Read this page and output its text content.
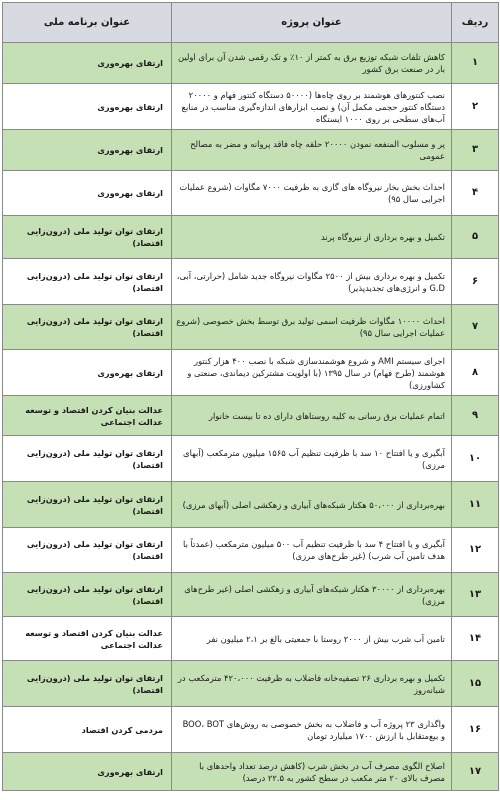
ردیف	عنوان پروژه	عنوان برنامه ملی
۱	کاهش تلفات شبکه توزیع برق به کمتر از ۱۰٪ و تک رقمی شدن آن برای اولین بار در صنعت برق کشور	ارتقای بهره‌وری
۲	نصب کنتورهای هوشمند بر روی چاه‌ها (۵۰۰۰۰ دستگاه کنتور فهام و ۲۰۰۰۰ دستگاه کنتور حجمی مکمل آن) و نصب ابزارهای اندازه‌گیری مناسب در منابع آب‌های سطحی بر روی ۱۰۰۰ ایستگاه	ارتقای بهره‌وری
۳	پر و مسلوب المنفعه نمودن ۲۰۰۰۰ حلقه چاه فاقد پروانه و مضر به مصالح عمومی	ارتقای بهره‌وری
۴	احداث بخش بخار نیروگاه های گازی به ظرفیت ۷۰۰۰ مگاوات (شروع عملیات اجرایی سال ۹۵)	ارتقای بهره‌وری
۵	تکمیل و بهره برداری از نیروگاه پرند	ارتقای توان تولید ملی (درون‌زایی اقتصاد)
۶	تکمیل و بهره برداری بیش از ۲۵۰۰ مگاوات نیروگاه جدید شامل (حرارتی، آبی، G.D و انرژی‌های تجدیدپذیر)	ارتقای توان تولید ملی (درون‌زایی اقتصاد)
۷	احداث ۱۰۰۰۰ مگاوات ظرفیت اسمی تولید برق توسط بخش خصوصی (شروع عملیات اجرایی سال ۹۵)	ارتقای توان تولید ملی (درون‌زایی اقتصاد)
۸	اجرای سیستم AMI و شروع هوشمندسازی شبکه با نصب ۴۰۰ هزار کنتور هوشمند (طرح فهام) در سال ۱۳۹۵ (با اولویت مشترکین دیماندی، صنعتی و کشاورزی)	ارتقای بهره‌وری
۹	اتمام عملیات برق رسانی به کلیه روستاهای دارای ده تا بیست خانوار	عدالت بنیان کردن اقتصاد و توسعه عدالت اجتماعی
۱۰	آبگیری و یا افتتاح ۱۰ سد با ظرفیت تنظیم آب ۱۵۶۵ میلیون مترمکعب (آبهای مرزی)	ارتقای توان تولید ملی (درون‌زایی اقتصاد)
۱۱	بهره‌برداری از ۵۰،۰۰۰ هکتار شبکه‌های آبیاری و زهکشی اصلی (آبهای مرزی)	ارتقای توان تولید ملی (درون‌زایی اقتصاد)
۱۲	آبگیری و یا افتتاح ۴ سد با ظرفیت تنظیم آب ۵۰۰ میلیون مترمکعب (عمدتاً با هدف تامین آب شرب) (غیر طرح‌های مرزی)	ارتقای توان تولید ملی (درون‌زایی اقتصاد)
۱۳	بهره‌برداری از ۳۰۰۰۰ هکتار شبکه‌های آبیاری و زهکشی اصلی (غیر طرح‌های مرزی)	ارتقای توان تولید ملی (درون‌زایی اقتصاد)
۱۴	تامین آب شرب بیش از ۲۰۰۰ روستا با جمعیتی بالغ بر ۲،۱ میلیون نفر	عدالت بنیان کردن اقتصاد و توسعه عدالت اجتماعی
۱۵	تکمیل و بهره برداری ۲۶ تصفیه‌خانه فاضلاب به ظرفیت ۴۲۰،۰۰۰ مترمکعب در شبانه‌روز	ارتقای توان تولید ملی (درون‌زایی اقتصاد)
۱۶	واگذاری ۲۳ پروژه آب و فاضلاب به بخش خصوصی به روش‌های BOO، BOT و بیع‌متقابل با ارزش ۱۷۰۰ میلیارد تومان	مردمی کردن اقتصاد
۱۷	اصلاح الگوی مصرف آب در بخش شرب (کاهش درصد تعداد واحدهای با مصرف بالای ۲۰ متر مکعب در سطح کشور به ۲۲.۵ درصد)	ارتقای بهره‌وری
